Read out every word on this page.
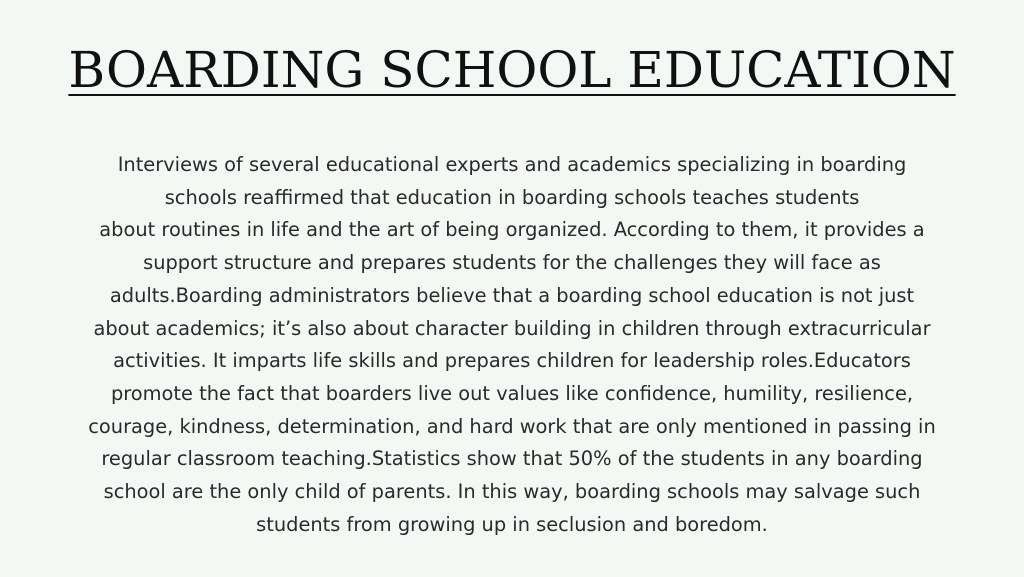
BOARDING SCHOOL EDUCATION

Interviews of several educational experts and academics specializing in boarding
schools reaffirmed that education in boarding schools teaches students
about routines in life and the art of being organized. According to them, it provides a
support structure and prepares students for the challenges they will face as
adults.Boarding administrators believe that a boarding school education is not just
about academics; it’s also about character building in children through extracurricular
activities. It imparts life skills and prepares children for leadership roles.Educators
promote the fact that boarders live out values like confidence, humility, resilience,
courage, kindness, determination, and hard work that are only mentioned in passing in
regular classroom teaching.Statistics show that 50% of the students in any boarding
school are the only child of parents. In this way, boarding schools may salvage such
students from growing up in seclusion and boredom.
